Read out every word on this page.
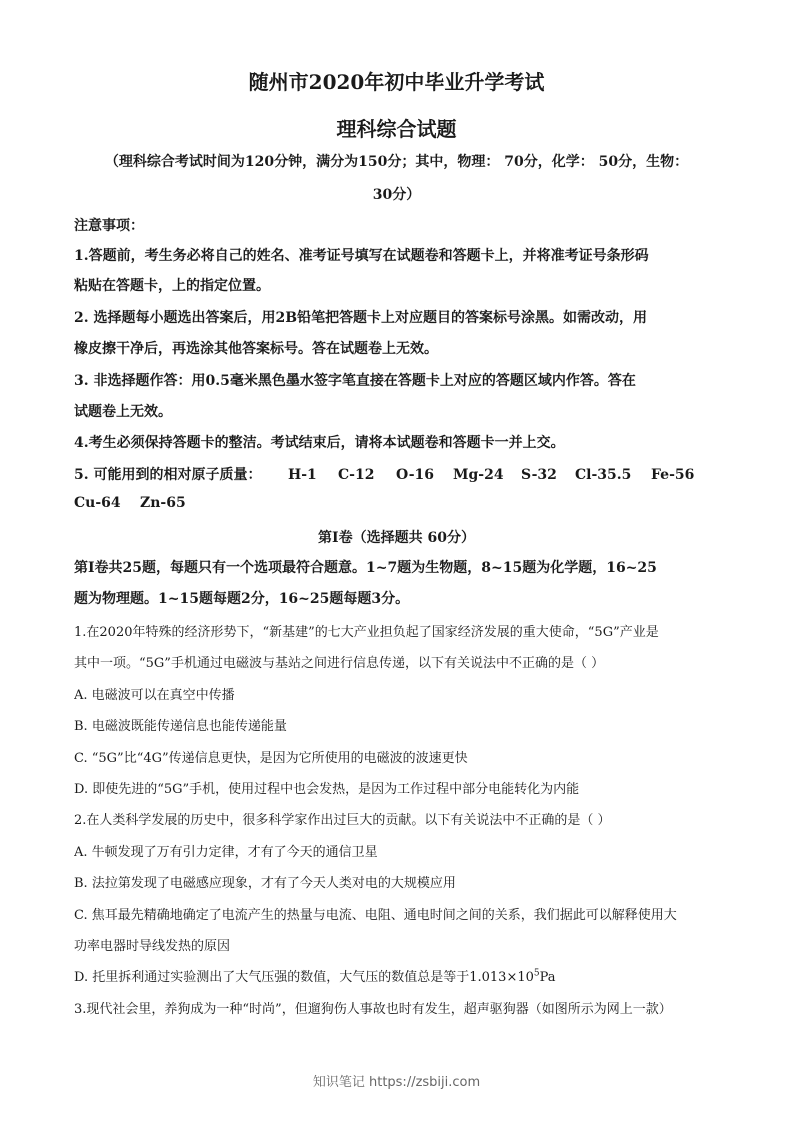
随州市2020年初中毕业升学考试
理科综合试题
（理科综合考试时间为120分钟，满分为150分；其中，物理： 70分，化学： 50分，生物：
30分）
注意事项：
1.答题前，考生务必将自己的姓名、准考证号填写在试题卷和答题卡上，并将准考证号条形码
粘贴在答题卡，上的指定位置。
2. 选择题每小题选出答案后，用2B铅笔把答题卡上对应题目的答案标号涂黑。如需改动，用
橡皮擦干净后，再选涂其他答案标号。答在试题卷上无效。
3. 非选择题作答：用0.5毫米黑色墨水签字笔直接在答题卡上对应的答题区域内作答。答在
试题卷上无效。
4.考生必须保持答题卡的整洁。考试结束后，请将本试题卷和答题卡一并上交。
5. 可能用到的相对原子质量： H-1 C-12 O-16 Mg-24 S-32 Cl-35.5 Fe-56
Cu-64 Zn-65
第I卷（选择题共 60分）
第I卷共25题，每题只有一个选项最符合题意。1~7题为生物题，8~15题为化学题，16~25
题为物理题。1~15题每题2分，16~25题每题3分。
1.在2020年特殊的经济形势下，“新基建”的七大产业担负起了国家经济发展的重大使命，“5G”产业是
其中一项。“5G”手机通过电磁波与基站之间进行信息传递，以下有关说法中不正确的是（ ）
A. 电磁波可以在真空中传播
B. 电磁波既能传递信息也能传递能量
C. “5G”比“4G”传递信息更快，是因为它所使用的电磁波的波速更快
D. 即使先进的“5G”手机，使用过程中也会发热，是因为工作过程中部分电能转化为内能
2.在人类科学发展的历史中，很多科学家作出过巨大的贡献。以下有关说法中不正确的是（ ）
A. 牛顿发现了万有引力定律，才有了今天的通信卫星
B. 法拉第发现了电磁感应现象，才有了今天人类对电的大规模应用
C. 焦耳最先精确地确定了电流产生的热量与电流、电阻、通电时间之间的关系，我们据此可以解释使用大
功率电器时导线发热的原因
D. 托里拆利通过实验测出了大气压强的数值，大气压的数值总是等于$1.013\times 10^5Pa$
3.现代社会里，养狗成为一种“时尚”，但遛狗伤人事故也时有发生，超声驱狗器（如图所示为网上一款）
知识笔记 https://zsbiji.com
